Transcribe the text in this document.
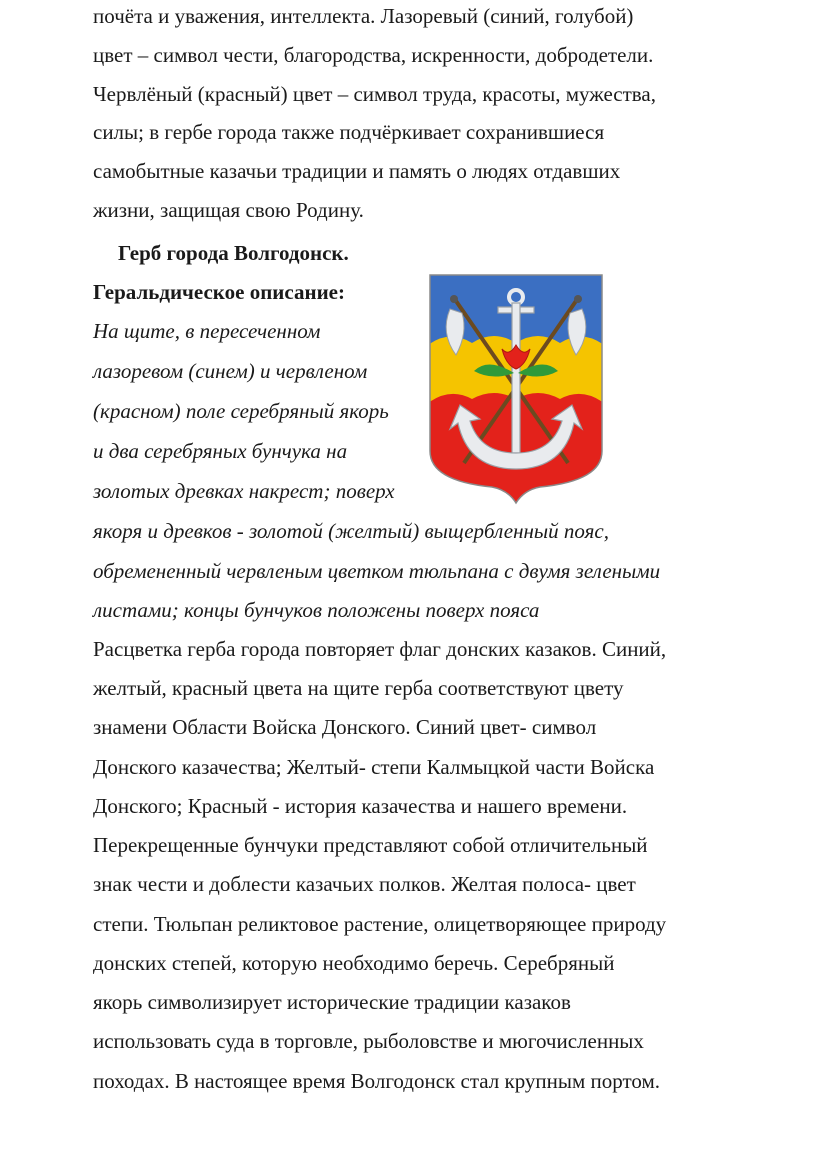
почёта и уважения, интеллекта. Лазоревый (синий, голубой)
цвет – символ чести, благородства, искренности, добродетели.
Червлёный (красный) цвет – символ труда, красоты, мужества,
силы; в гербе города также подчёркивает сохранившиеся
самобытные казачьи традиции и память о людях отдавших
жизни, защищая свою Родину.
Герб города Волгодонск.
Геральдическое описание:
На щите, в пересеченном
лазоревом (синем) и червленом
(красном) поле серебряный якорь
и два серебряных бунчука на
золотых древках накрест; поверх
якоря и древков - золотой (желтый) выщербленный пояс,
обремененный червленым цветком тюльпана с двумя зелеными
листами; концы бунчуков положены поверх пояса
Расцветка герба города повторяет флаг донских казаков. Синий,
желтый, красный цвета на щите герба соответствуют цвету
знамени Области Войска Донского. Синий цвет- символ
Донского казачества; Желтый- степи Калмыцкой части Войска
Донского; Красный - история казачества и нашего времени.
Перекрещенные бунчуки представляют собой отличительный
знак чести и доблести казачьих полков. Желтая полоса- цвет
степи. Тюльпан реликтовое растение, олицетворяющее природу
донских степей, которую необходимо беречь. Серебряный
якорь символизирует исторические традиции казаков
использовать суда в торговле, рыболовстве и мюгочисленных
походах. В настоящее время Волгодонск стал крупным портом.
